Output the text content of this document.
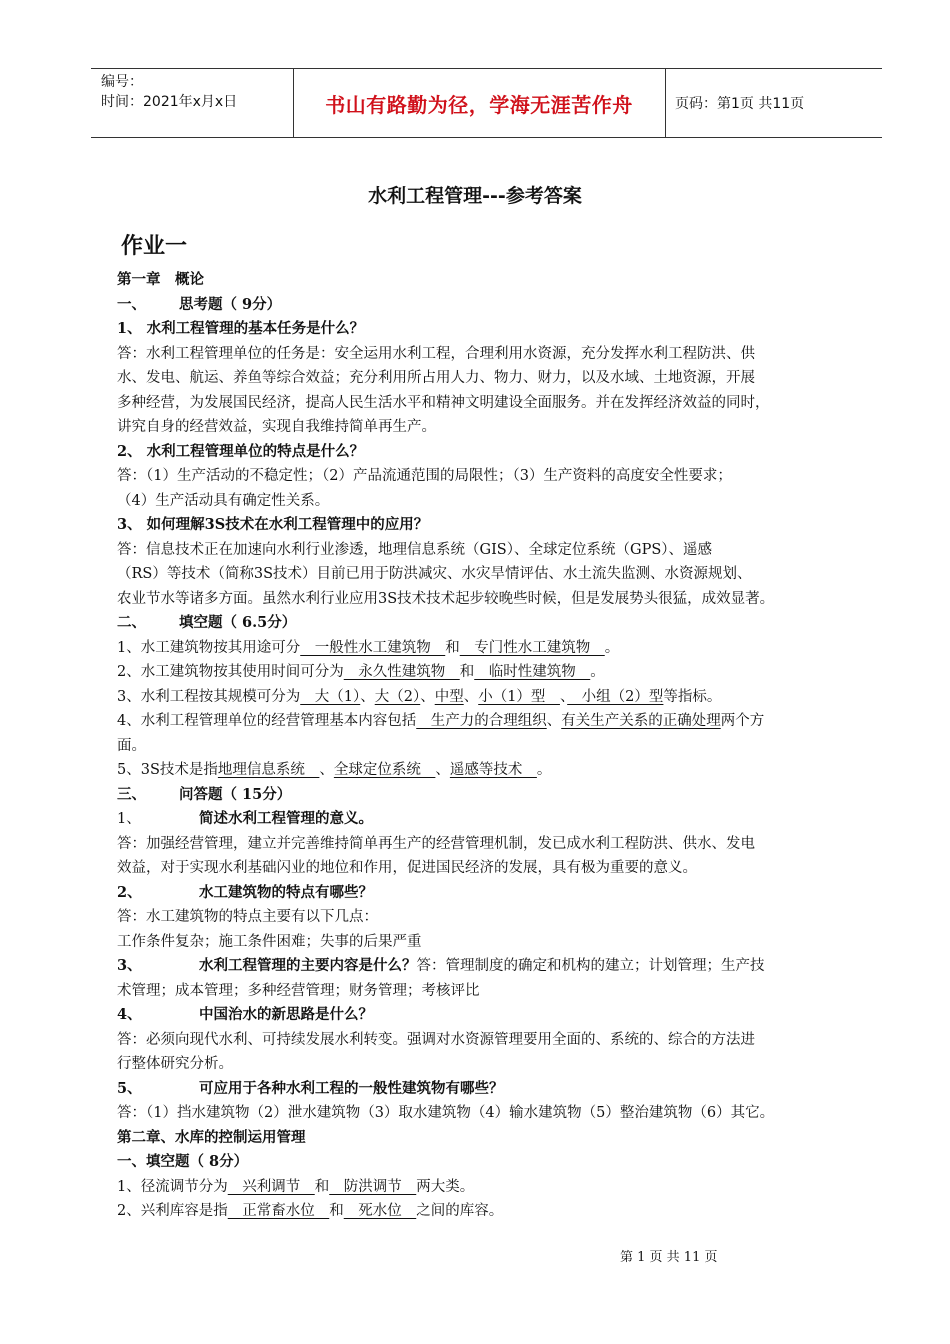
编号：
时间：2021年x月x日	书山有路勤为径，学海无涯苦作舟	页码：第1页 共11页
水利工程管理---参考答案
作业一
第一章　概论
一、 思考题（ 9分）
1、 水利工程管理的基本任务是什么？
答：水利工程管理单位的任务是：安全运用水利工程，合理利用水资源，充分发挥水利工程防洪、供
水、发电、航运、养鱼等综合效益；充分利用所占用人力、物力、财力，以及水域、土地资源，开展
多种经营，为发展国民经济，提高人民生活水平和精神文明建设全面服务。并在发挥经济效益的同时，
讲究自身的经营效益，实现自我维持简单再生产。
2、 水利工程管理单位的特点是什么？
答：（1）生产活动的不稳定性；（2）产品流通范围的局限性；（3）生产资料的高度安全性要求；
（4）生产活动具有确定性关系。
3、 如何理解3S技术在水利工程管理中的应用？
答：信息技术正在加速向水利行业渗透，地理信息系统（GIS）、全球定位系统（GPS）、遥感
（RS）等技术（简称3S技术）目前已用于防洪减灾、水灾旱情评估、水土流失监测、水资源规划、
农业节水等诸多方面。虽然水利行业应用3S技术技术起步较晚些时候，但是发展势头很猛，成效显著。
二、 填空题（ 6.5分）
1、水工建筑物按其用途可分　一般性水工建筑物　和　专门性水工建筑物　。
2、水工建筑物按其使用时间可分为　永久性建筑物　和　临时性建筑物　。
3、水利工程按其规模可分为　大（1）、大（2）、中型、小（1）型　、　小组（2）型等指标。
4、水利工程管理单位的经营管理基本内容包括　生产力的合理组织、有关生产关系的正确处理两个方
面。
5、3S技术是指地理信息系统　、全球定位系统　、遥感等技术　。
三、 问答题（ 15分）
1、	简述水利工程管理的意义。
答：加强经营管理，建立并完善维持简单再生产的经营管理机制，发已成水利工程防洪、供水、发电
效益，对于实现水利基础闪业的地位和作用，促进国民经济的发展，具有极为重要的意义。
2、	水工建筑物的特点有哪些？
答：水工建筑物的特点主要有以下几点：
工作条件复杂；施工条件困难；失事的后果严重
3、	水利工程管理的主要内容是什么？答：管理制度的确定和机构的建立；计划管理；生产技
术管理；成本管理；多种经营管理；财务管理；考核评比
4、	中国治水的新思路是什么？
答：必须向现代水利、可持续发展水利转变。强调对水资源管理要用全面的、系统的、综合的方法进
行整体研究分析。
5、	可应用于各种水利工程的一般性建筑物有哪些？
答：（1）挡水建筑物（2）泄水建筑物（3）取水建筑物（4）输水建筑物（5）整治建筑物（6）其它。
第二章、水库的控制运用管理
一、填空题（ 8分）
1、径流调节分为　兴利调节　和　防洪调节　两大类。
2、兴利库容是指　正常畜水位　和　死水位　之间的库容。
第 1 页 共 11 页
